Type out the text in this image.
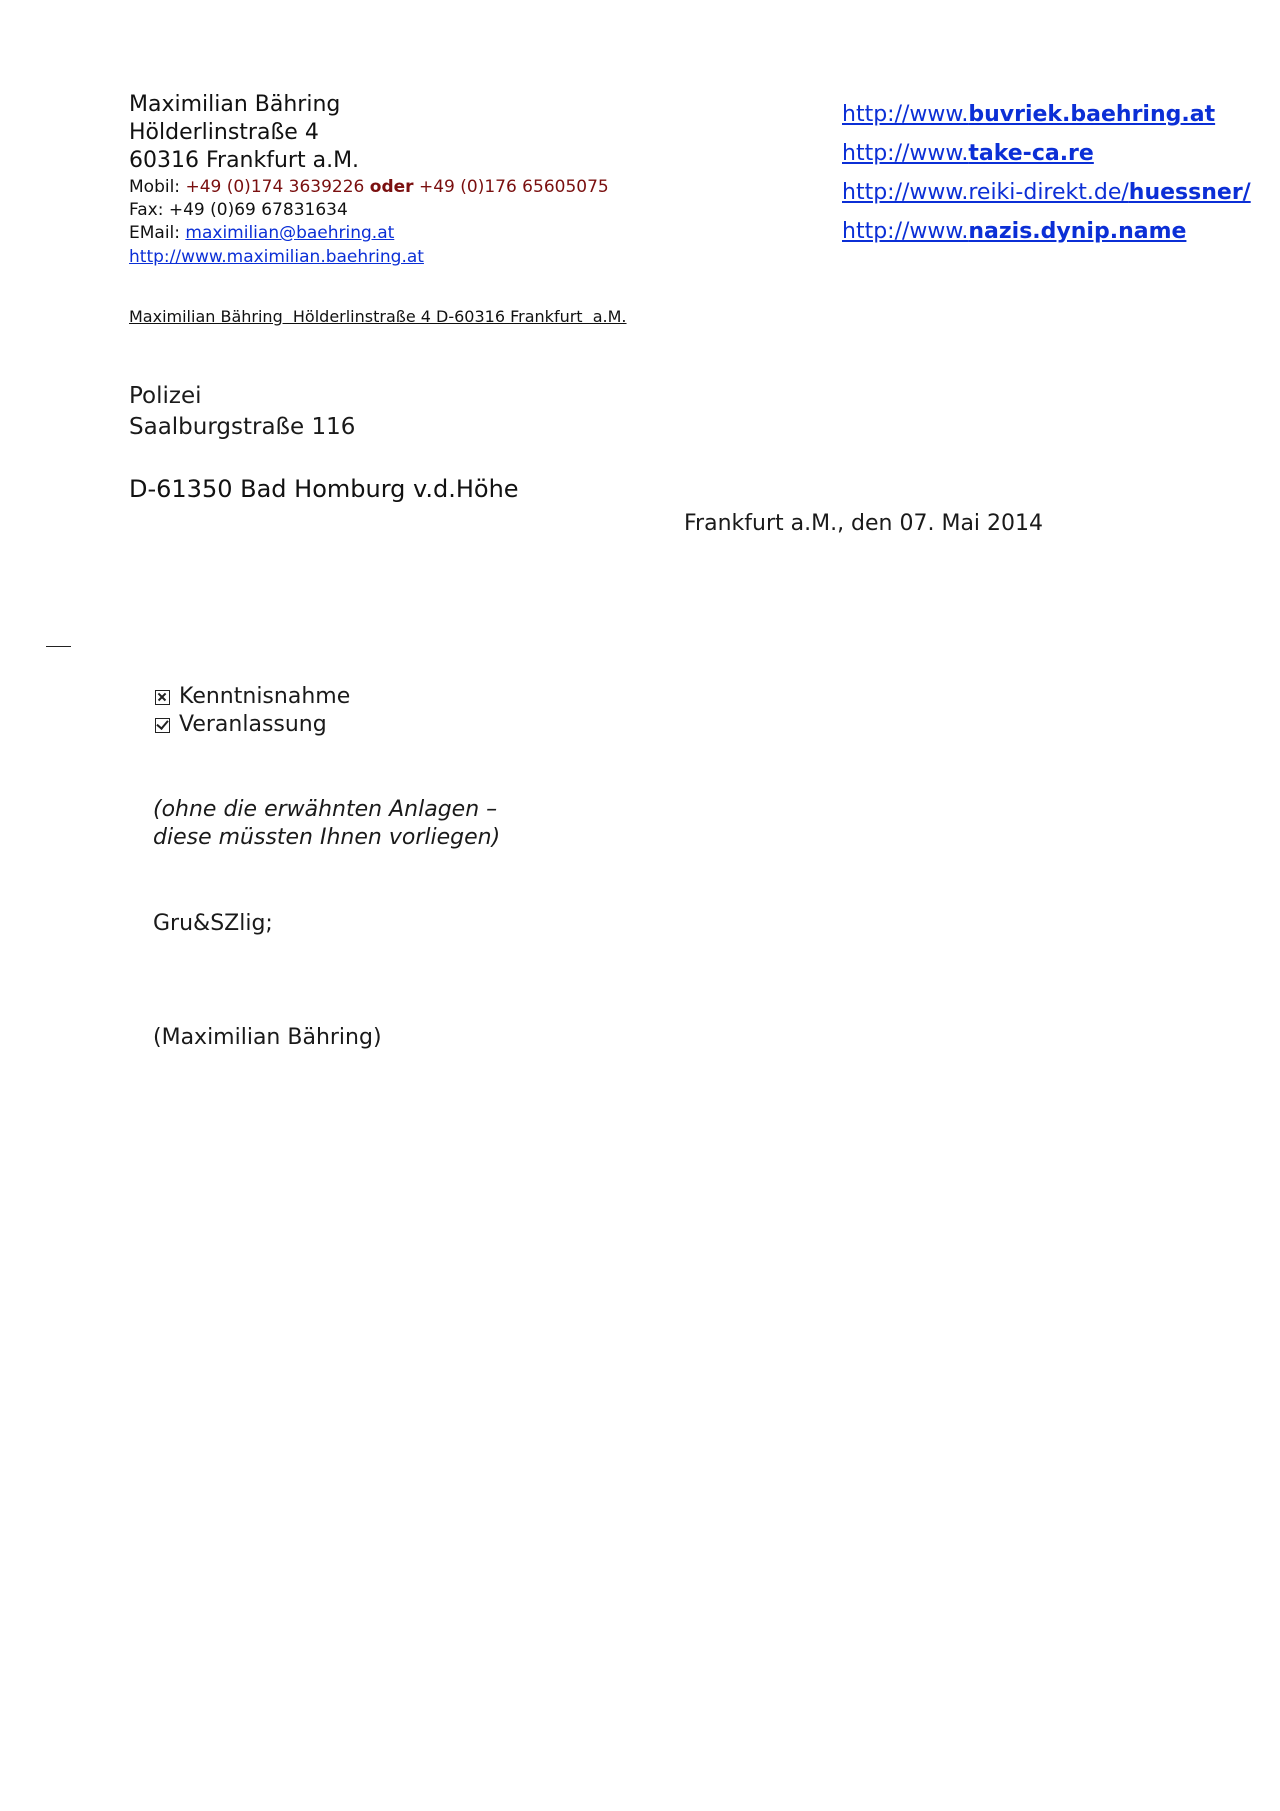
Maximilian Bähring
Hölderlinstraße 4
60316 Frankfurt a.M.
Mobil: +49 (0)174 3639226 oder +49 (0)176 65605075
Fax: +49 (0)69 67831634
EMail: maximilian@baehring.at
http://www.maximilian.baehring.at
http://www.buvriek.baehring.at
http://www.take-ca.re
http://www.reiki-direkt.de/huessner/
http://www.nazis.dynip.name
Maximilian Bähring  Hölderlinstraße 4 D-60316 Frankfurt  a.M.
Polizei
Saalburgstraße 116
D-61350 Bad Homburg v.d.Höhe
Frankfurt a.M., den 07. Mai 2014
Kenntnisnahme
Veranlassung
(ohne die erwähnten Anlagen –
diese müssten Ihnen vorliegen)
Gru&SZlig;
(Maximilian Bähring)
